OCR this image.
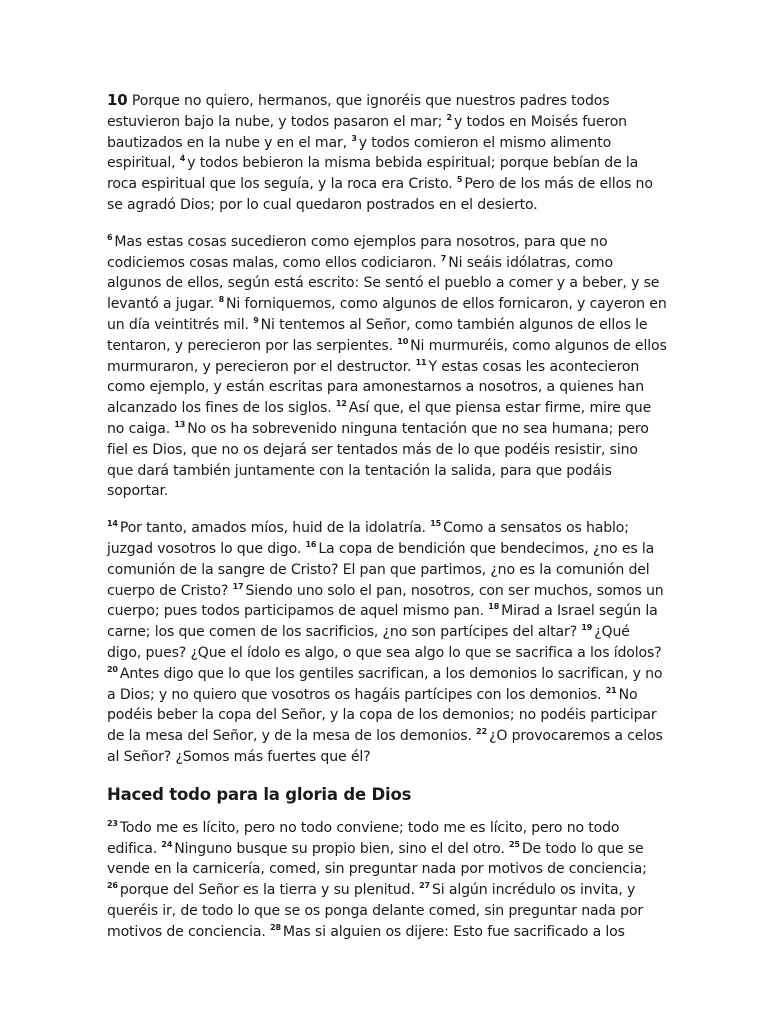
10 Porque no quiero, hermanos, que ignoréis que nuestros padres todos estuvieron bajo la nube, y todos pasaron el mar; $^2$ y todos en Moisés fueron bautizados en la nube y en el mar, $^3$ y todos comieron el mismo alimento espiritual, $^4$ y todos bebieron la misma bebida espiritual; porque bebían de la roca espiritual que los seguía, y la roca era Cristo. $^5$ Pero de los más de ellos no se agradó Dios; por lo cual quedaron postrados en el desierto.

$^6$ Mas estas cosas sucedieron como ejemplos para nosotros, para que no codiciemos cosas malas, como ellos codiciaron. $^7$ Ni seáis idólatras, como algunos de ellos, según está escrito: Se sentó el pueblo a comer y a beber, y se levantó a jugar. $^8$ Ni forniquemos, como algunos de ellos fornicaron, y cayeron en un día veintitrés mil. $^9$ Ni tentemos al Señor, como también algunos de ellos le tentaron, y perecieron por las serpientes. $^{10}$ Ni murmuréis, como algunos de ellos murmuraron, y perecieron por el destructor. $^{11}$ Y estas cosas les acontecieron como ejemplo, y están escritas para amonestarnos a nosotros, a quienes han alcanzado los fines de los siglos. $^{12}$ Así que, el que piensa estar firme, mire que no caiga. $^{13}$ No os ha sobrevenido ninguna tentación que no sea humana; pero fiel es Dios, que no os dejará ser tentados más de lo que podéis resistir, sino que dará también juntamente con la tentación la salida, para que podáis soportar.

$^{14}$ Por tanto, amados míos, huid de la idolatría. $^{15}$ Como a sensatos os hablo; juzgad vosotros lo que digo. $^{16}$ La copa de bendición que bendecimos, ¿no es la comunión de la sangre de Cristo? El pan que partimos, ¿no es la comunión del cuerpo de Cristo? $^{17}$ Siendo uno solo el pan, nosotros, con ser muchos, somos un cuerpo; pues todos participamos de aquel mismo pan. $^{18}$ Mirad a Israel según la carne; los que comen de los sacrificios, ¿no son partícipes del altar? $^{19}$ ¿Qué digo, pues? ¿Que el ídolo es algo, o que sea algo lo que se sacrifica a los ídolos? $^{20}$ Antes digo que lo que los gentiles sacrifican, a los demonios lo sacrifican, y no a Dios; y no quiero que vosotros os hagáis partícipes con los demonios. $^{21}$ No podéis beber la copa del Señor, y la copa de los demonios; no podéis participar de la mesa del Señor, y de la mesa de los demonios. $^{22}$ ¿O provocaremos a celos al Señor? ¿Somos más fuertes que él?

Haced todo para la gloria de Dios

$^{23}$ Todo me es lícito, pero no todo conviene; todo me es lícito, pero no todo edifica. $^{24}$ Ninguno busque su propio bien, sino el del otro. $^{25}$ De todo lo que se vende en la carnicería, comed, sin preguntar nada por motivos de conciencia; $^{26}$ porque del Señor es la tierra y su plenitud. $^{27}$ Si algún incrédulo os invita, y queréis ir, de todo lo que se os ponga delante comed, sin preguntar nada por motivos de conciencia. $^{28}$ Mas si alguien os dijere: Esto fue sacrificado a los
